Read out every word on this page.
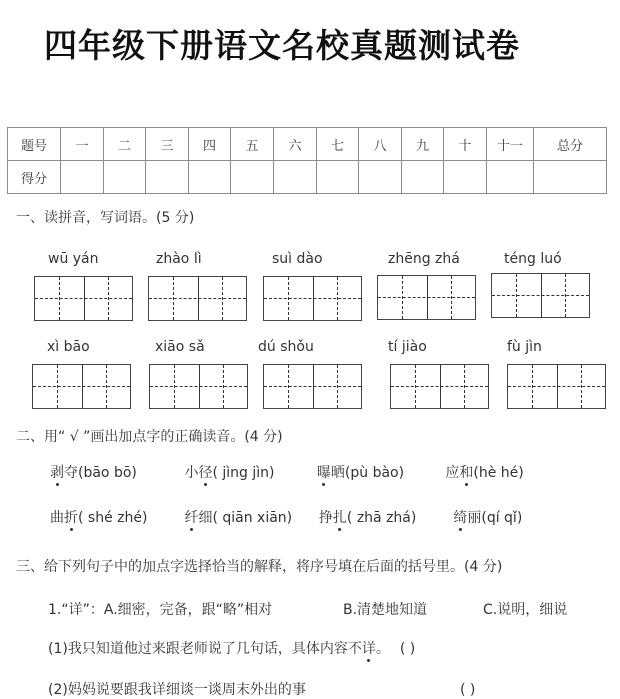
四年级下册语文名校真题测试卷
题号	一	二	三	四	五	六	七	八	九	十	十一	总分
得分												
一、读拼音，写词语。(5 分)
wū yán	zhào lì	suì dào	zhēng zhá	téng luó
xì bāo	xiāo sǎ	dú shǒu	tí jiào	fù jìn
二、用“ √ ”画出加点字的正确读音。(4 分)
剥夺(bāo bō)	小径( jìng jìn)	曝晒(pù bào)	应和(hè hé)
曲折( shé zhé)	纤细( qiān xiān) 挣扎( zhā zhá)	绮丽(qí qǐ)
三、给下列句子中的加点字选择恰当的解释，将序号填在后面的括号里。(4 分)
1.“详”：A.细密，完备，跟“略”相对	B.清楚地知道	C.说明，细说
(1)我只知道他过来跟老师说了几句话，具体内容不详。 ( )
(2)妈妈说要跟我详细谈一谈周末外出的事	( )
